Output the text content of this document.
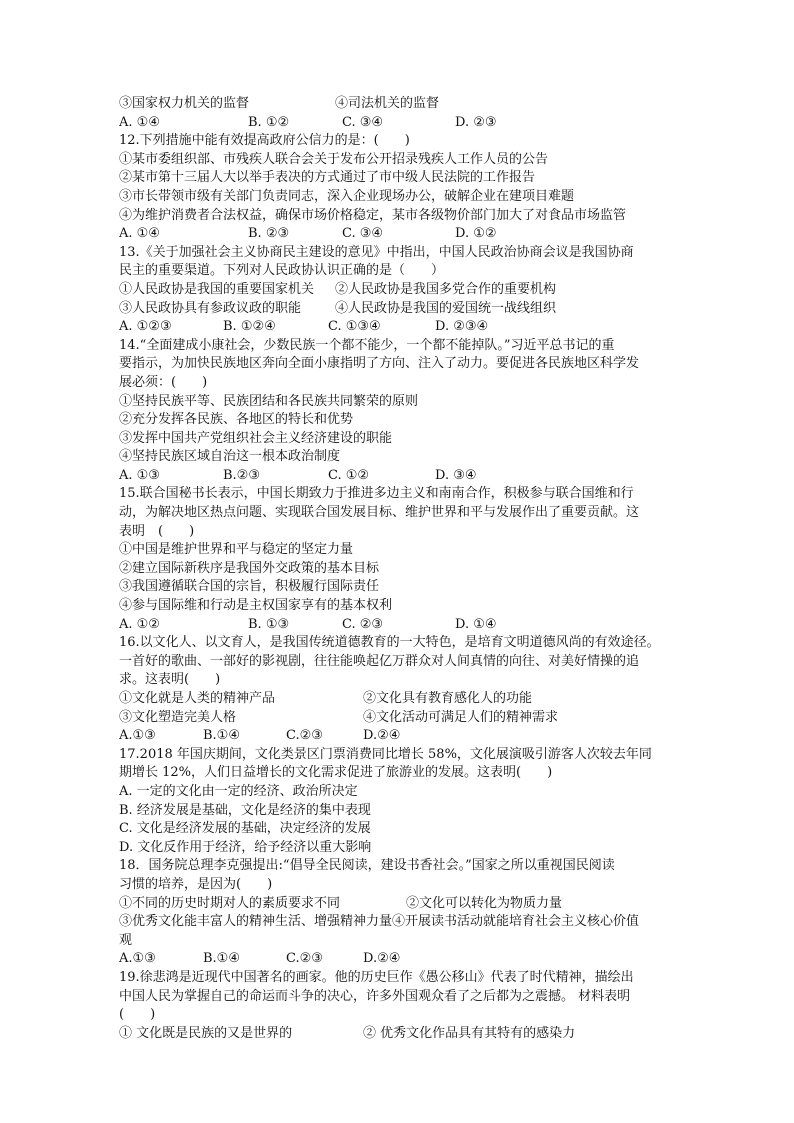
③国家权力机关的监督	④司法机关的监督
A. ①④	B. ①②	C. ③④	D. ②③
12.下列措施中能有效提高政府公信力的是：(　　)
①某市委组织部、市残疾人联合会关于发布公开招录残疾人工作人员的公告
②某市第十三届人大以举手表决的方式通过了市中级人民法院的工作报告
③市长带领市级有关部门负责同志，深入企业现场办公，破解企业在建项目难题
④为维护消费者合法权益，确保市场价格稳定，某市各级物价部门加大了对食品市场监管
A. ①④	B. ②③	C. ③④	D. ①②
13.《关于加强社会主义协商民主建设的意见》中指出，中国人民政治协商会议是我国协商
民主的重要渠道。下列对人民政协认识正确的是（　　）
①人民政协是我国的重要国家机关	②人民政协是我国多党合作的重要机构
③人民政协具有参政议政的职能	④人民政协是我国的爱国统一战线组织
A. ①②③	B. ①②④	C. ①③④	D. ②③④
14.“全面建成小康社会，少数民族一个都不能少，一个都不能掉队。”习近平总书记的重
要指示，为加快民族地区奔向全面小康指明了方向、注入了动力。要促进各民族地区科学发
展必须：(　　)
①坚持民族平等、民族团结和各民族共同繁荣的原则
②充分发挥各民族、各地区的特长和优势
③发挥中国共产党组织社会主义经济建设的职能
④坚持民族区域自治这一根本政治制度
A. ①③	B.②③	C. ①②	D. ③④
15.联合国秘书长表示，中国长期致力于推进多边主义和南南合作，积极参与联合国维和行
动，为解决地区热点问题、实现联合国发展目标、维护世界和平与发展作出了重要贡献。这
表明　(　　)
①中国是维护世界和平与稳定的坚定力量
②建立国际新秩序是我国外交政策的基本目标
③我国遵循联合国的宗旨，积极履行国际责任
④参与国际维和行动是主权国家享有的基本权利
A. ①②	B. ①③	C. ②③	D. ①④
16.以文化人、以文育人，是我国传统道德教育的一大特色，是培育文明道德风尚的有效途径。
一首好的歌曲、一部好的影视剧，往往能唤起亿万群众对人间真情的向往、对美好情操的追
求。这表明(　　)
①文化就是人类的精神产品	②文化具有教育感化人的功能
③文化塑造完美人格	④文化活动可满足人们的精神需求
A.①③	B.①④	C.②③	D.②④
17.2018 年国庆期间，文化类景区门票消费同比增长 58%，文化展演吸引游客人次较去年同
期增长 12%，人们日益增长的文化需求促进了旅游业的发展。这表明(　　)
A. 一定的文化由一定的经济、政治所决定
B. 经济发展是基础，文化是经济的集中表现
C. 文化是经济发展的基础，决定经济的发展
D. 文化反作用于经济，给予经济以重大影响
18．国务院总理李克强提出:“倡导全民阅读，建设书香社会。”国家之所以重视国民阅读
习惯的培养，是因为(　　)
①不同的历史时期对人的素质要求不同	②文化可以转化为物质力量
③优秀文化能丰富人的精神生活、增强精神力量④开展读书活动就能培育社会主义核心价值
观
A.①③	B.①④	C.②③	D.②④
19.徐悲鸿是近现代中国著名的画家。他的历史巨作《愚公移山》代表了时代精神，描绘出
中国人民为掌握自己的命运而斗争的决心，许多外国观众看了之后都为之震撼。 材料表明
(　　)
① 文化既是民族的又是世界的	② 优秀文化作品具有其特有的感染力
